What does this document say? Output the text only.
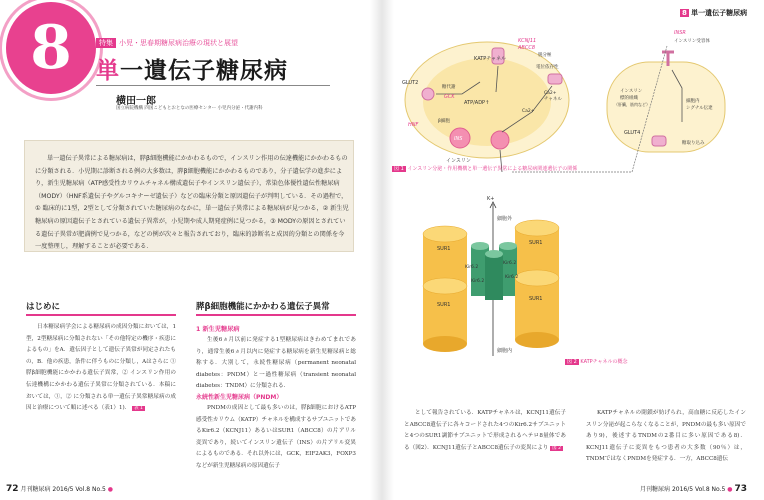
8	特集 小児・思春期糖尿病治療の現状と展望
単一遺伝子糖尿病
横田一郎
国立病院機構 四国こどもとおとなの医療センター 小児内分泌・代謝内科
単一遺伝子異常による糖尿病は，膵β細胞機能にかかわるもので，インスリン作用の伝達機能にかかわるものに分類される．小児期に診断される例の大多数は，膵β細胞機能にかかわるものであり，分子遺伝学の進歩により，新生児糖尿病（ATP感受性カリウムチャネル構成遺伝子やインスリン遺伝子），常染色体優性遺伝性糖尿病（MODY）（HNF系遺伝子やグルコキナーゼ遺伝子）などの臨床分類と原因遺伝子が判明している．その過程で，① 臨床的に1型，2型として分類されていた糖尿病のなかに，単一遺伝子異常による糖尿病が見つかる，② 新生児糖尿病の原因遺伝子とされている遺伝子異常が，小児期や成人期発症例に見つかる，③ MODYの原因とされている遺伝子異常が肥満例で見つかる，などの例が次々と報告されており，臨床的診断名と成因的分類との関係を今一度整理し，理解することが必要である．
はじめに
日本糖尿病学会による糖尿病の成因分類においては，1型，2型糖尿病に分類されない「その他特定の機序・疾患によるもの」をA．遺伝因子として遺伝子異常が同定されたもの，B．他の疾患，条件に伴うものに分類し，Aはさらに ① 膵β細胞機能にかかわる遺伝子異常，② インスリン作用の伝達機構にかかわる遺伝子異常に分類されている．本稿においては，①，② に分類される単一遺伝子異常糖尿病の成因と治療について順に述べる（表1）1)． 表 1
膵β細胞機能にかかわる遺伝子異常
1 新生児糖尿病
生後6ヵ月以前に発症する1型糖尿病はきわめてまれであり，通常生後6ヵ月以内に発症する糖尿病を新生児糖尿病と総称する．大別して，永続性糖尿病（permanent neonatal diabetes：PNDM）と一過性糖尿病（transient neonatal diabetes：TNDM）に分類される．
永続性新生児糖尿病（PNDM）
PNDMの成因として最も多いのは，膵β細胞におけるATP感受性カリウム（KATP）チャネルを構成するサブユニットであるKir6.2（KCNJ11）あるいはSUR1（ABCC8）の片アリル変異であり，続いてインスリン遺伝子（INS）の片アリル変異によるものである．それ以外には，GCK，EIF2AK3，FOXP3などが新生児糖尿病の原因遺伝子
72 月刊糖尿病 2016/5 Vol.8 No.5 ●
8 単一遺伝子糖尿病
KATPチャネル
KCNJ11
ABCC8
脱分極
電位依存性
Ca2+
チャネル
GLUT2
糖代謝
GCK
ATP/ADP↑
Ca2+
HNF
β細胞
INS
インスリン
INSR
インスリン受容体
インスリン
標的組織
（肝臓，筋肉など）
細胞内
シグナル伝達
GLUT4
糖取り込み
図 1 インスリン分泌・作用機構と単一遺伝子異常による糖尿病関連遺伝子の関係
K+
細胞外
細胞内
SUR1
SUR1
SUR1
SUR1
Kir6.2
Kir6.2
Kir6.2
Kir6.2
図 2 KATPチャネルの概念
として報告されている．KATPチャネルは，KCNJ11遺伝子とABCC8遺伝子に各々コードされた4つのKir6.2サブユニットと4つのSUR1調節サブユニットで形成されるヘテロ8量体である（図2）．KCNJ11遺伝子とABCC8遺伝子の変異により 図 2
KATPチャネルの閉鎖が妨げられ，高血糖に反応したインスリン分泌が起こらなくなることが，PNDMの最も多い原因であり9)，後述するTNDMの2番目に多い原因である8)．KCNJ11遺伝子に変異をもつ患者の大多数（90％）は，TNDMではなくPNDMを発症する．一方，ABCC8遺伝
月刊糖尿病 2016/5 Vol.8 No.5 ● 73
